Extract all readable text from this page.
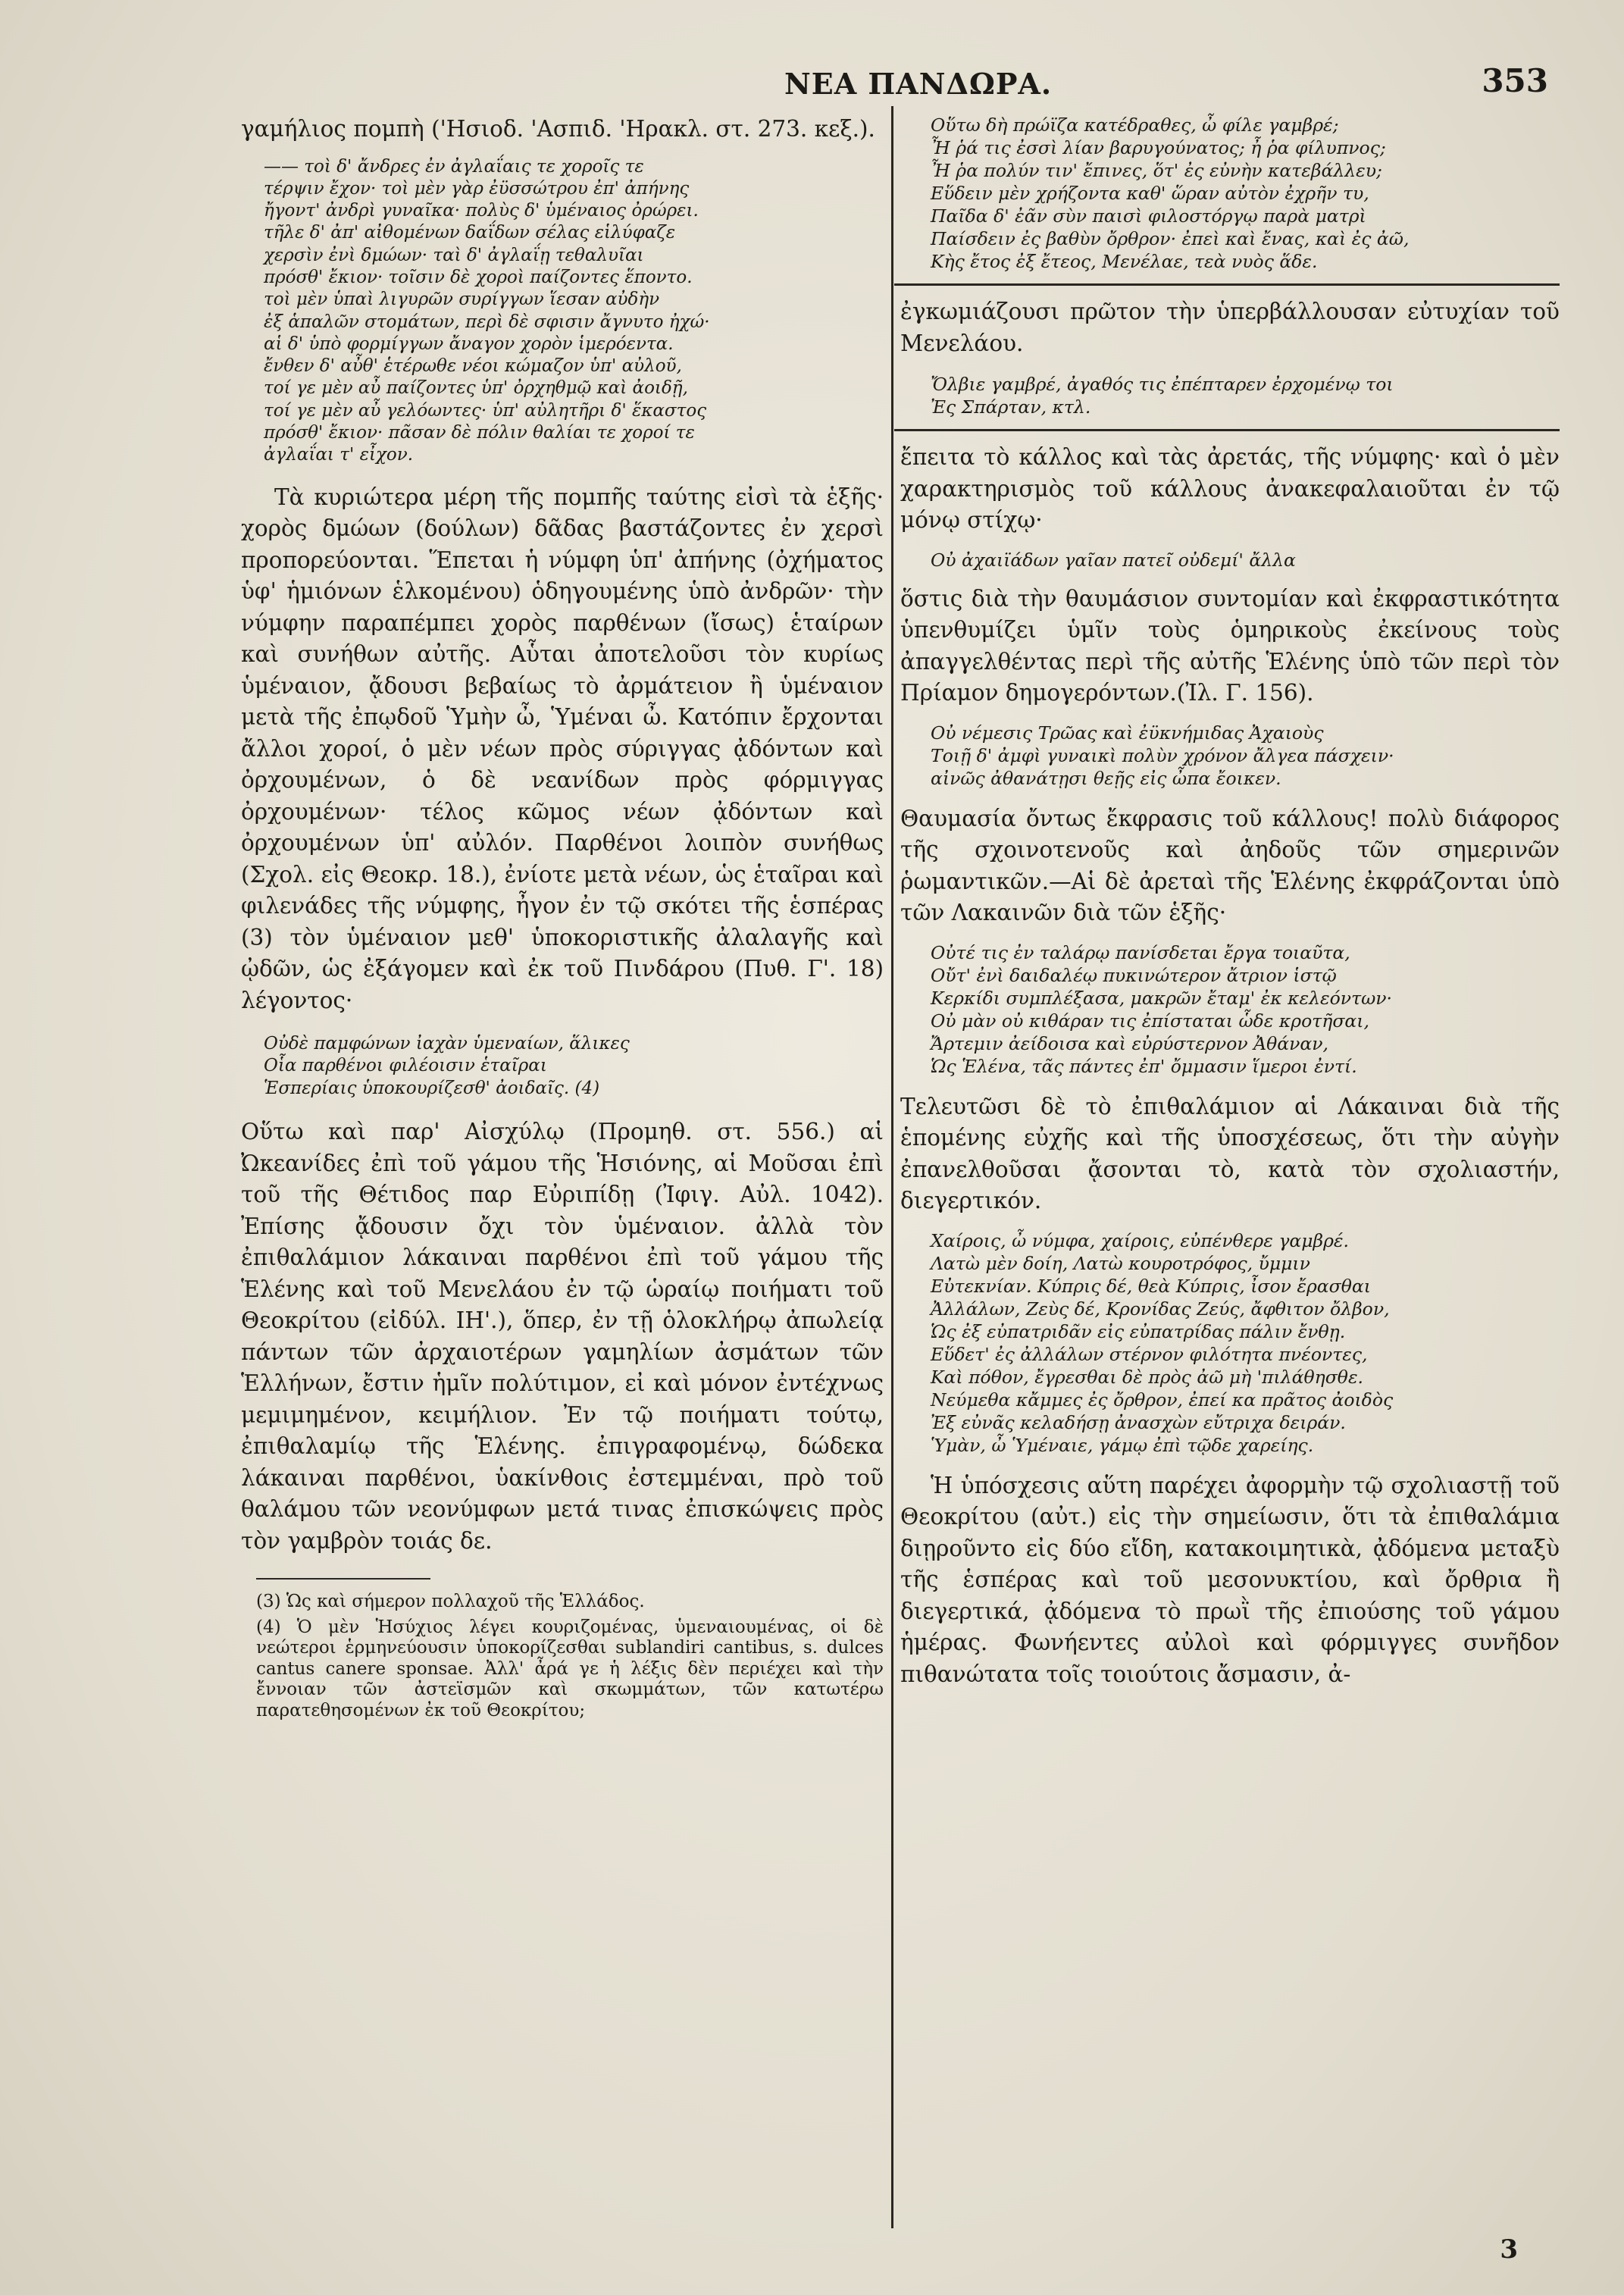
ΝΕΑ ΠΑΝΔΩΡΑ.	353

γαμήλιος πομπὴ ('Ησιοδ. 'Ασπιδ. 'Ηρακλ. στ. 273. κεξ.).

—— τοὶ δ' ἄνδρες ἐν ἀγλαΐαις τε χοροῖς τε
τέρψιν ἔχον· τοὶ μὲν γὰρ ἐϋσσώτρου ἐπ' ἀπήνης
ἤγοντ' ἀνδρὶ γυναῖκα· πολὺς δ' ὑμέναιος ὀρώρει.
τῆλε δ' ἀπ' αἰθομένων δαΐδων σέλας εἱλύφαζε
χερσὶν ἐνὶ δμώων· ταὶ δ' ἀγλαΐῃ τεθαλυῖαι
πρόσθ' ἔκιον· τοῖσιν δὲ χοροὶ παίζοντες ἕποντο.
τοὶ μὲν ὑπαὶ λιγυρῶν συρίγγων ἵεσαν αὐδὴν
ἐξ ἁπαλῶν στομάτων, περὶ δὲ σφισιν ἄγνυτο ἠχώ·
αἱ δ' ὑπὸ φορμίγγων ἄναγον χορὸν ἱμερόεντα.
ἔνθεν δ' αὖθ' ἑτέρωθε νέοι κώμαζον ὑπ' αὐλοῦ,
τοί γε μὲν αὖ παίζοντες ὑπ' ὀρχηθμῷ καὶ ἀοιδῇ,
τοί γε μὲν αὖ γελόωντες· ὑπ' αὐλητῆρι δ' ἕκαστος
πρόσθ' ἔκιον· πᾶσαν δὲ πόλιν θαλίαι τε χοροί τε
ἀγλαΐαι τ' εἶχον.

Τὰ κυριώτερα μέρη τῆς πομπῆς ταύτης εἰσὶ τὰ ἑξῆς· χορὸς δμώων (δούλων) δᾶδας βαστάζοντες ἐν χερσὶ προπορεύονται. Ἕπεται ἡ νύμφη ὑπ' ἀπήνης (ὀχήματος ὑφ' ἡμιόνων ἑλκομένου) ὁδηγουμένης ὑπὸ ἀνδρῶν· τὴν νύμφην παραπέμπει χορὸς παρθένων (ἴσως) ἑταίρων καὶ συνήθων αὐτῆς. Αὗται ἀποτελοῦσι τὸν κυρίως ὑμέναιον, ᾄδουσι βεβαίως τὸ ἀρμάτειον ἢ ὑμέναιον μετὰ τῆς ἐπῳδοῦ Ὑμὴν ὦ, Ὑμέναι ὦ. Κατόπιν ἔρχονται ἄλλοι χοροί, ὁ μὲν νέων πρὸς σύριγγας ᾀδόντων καὶ ὀρχουμένων, ὁ δὲ νεανίδων πρὸς φόρμιγγας ὀρχουμένων· τέλος κῶμος νέων ᾀδόντων καὶ ὀρχουμένων ὑπ' αὐλόν. Παρθένοι λοιπὸν συνήθως (Σχολ. εἰς Θεοκρ. 18.), ἐνίοτε μετὰ νέων, ὡς ἑταῖραι καὶ φιλενάδες τῆς νύμφης, ἦγον ἐν τῷ σκότει τῆς ἑσπέρας (3) τὸν ὑμέναιον μεθ' ὑποκοριστικῆς ἀλαλαγῆς καὶ ᾠδῶν, ὡς ἐξάγομεν καὶ ἐκ τοῦ Πινδάρου (Πυθ. Γ'. 18) λέγοντος·

Οὐδὲ παμφώνων ἰαχὰν ὑμεναίων, ἅλικες
Οἷα παρθένοι φιλέοισιν ἑταῖραι
Ἑσπερίαις ὑποκουρίζεσθ' ἀοιδαῖς. (4)

Οὕτω καὶ παρ' Αἰσχύλῳ (Προμηθ. στ. 556.) αἱ Ὠκεανίδες ἐπὶ τοῦ γάμου τῆς Ἡσιόνης, αἱ Μοῦσαι ἐπὶ τοῦ τῆς Θέτιδος παρ Εὐριπίδῃ (Ἰφιγ. Αὐλ. 1042). Ἐπίσης ᾄδουσιν ὄχι τὸν ὑμέναιον. ἀλλὰ τὸν ἐπιθαλάμιον λάκαιναι παρθένοι ἐπὶ τοῦ γάμου τῆς Ἑλένης καὶ τοῦ Μενελάου ἐν τῷ ὡραίῳ ποιήματι τοῦ Θεοκρίτου (εἰδύλ. ΙΗ'.), ὅπερ, ἐν τῇ ὁλοκλήρῳ ἀπωλείᾳ πάντων τῶν ἀρχαιοτέρων γαμηλίων ἀσμάτων τῶν Ἑλλήνων, ἔστιν ἡμῖν πολύτιμον, εἰ καὶ μόνον ἐντέχνως μεμιμημένον, κειμήλιον. Ἐν τῷ ποιήματι τούτῳ, ἐπιθαλαμίῳ τῆς Ἑλένης. ἐπιγραφομένῳ, δώδεκα λάκαιναι παρθένοι, ὑακίνθοις ἐστεμμέναι, πρὸ τοῦ θαλάμου τῶν νεονύμφων μετά τινας ἐπισκώψεις πρὸς τὸν γαμβρὸν τοιάς δε.

(3) Ὡς καὶ σήμερον πολλαχοῦ τῆς Ἑλλάδος.

(4) Ὁ μὲν Ἡσύχιος λέγει κουριζομένας, ὑμεναιουμένας, οἱ δὲ νεώτεροι ἑρμηνεύουσιν ὑποκορίζεσθαι sublandiri cantibus, s. dulces cantus canere sponsae. Ἀλλ' ἆρά γε ἡ λέξις δὲν περιέχει καὶ τὴν ἔννοιαν τῶν ἀστεϊσμῶν καὶ σκωμμάτων, τῶν κατωτέρω παρατεθησομένων ἐκ τοῦ Θεοκρίτου;

Οὕτω δὴ πρώϊζα κατέδραθες, ὦ φίλε γαμβρέ;
Ἦ ῥά τις ἐσσὶ λίαν βαρυγούνατος; ἦ ῥα φίλυπνος;
Ἦ ῥα πολύν τιν' ἔπινες, ὅτ' ἐς εὐνὴν κατεβάλλευ;
Εὕδειν μὲν χρήζοντα καθ' ὥραν αὐτὸν ἐχρῆν τυ,
Παῖδα δ' ἐᾶν σὺν παισὶ φιλοστόργῳ παρὰ ματρὶ
Παίσδειν ἐς βαθὺν ὄρθρον· ἐπεὶ καὶ ἔνας, καὶ ἐς ἀῶ,
Κὴς ἔτος ἐξ ἔτεος, Μενέλαε, τεὰ νυὸς ἅδε.

ἐγκωμιάζουσι πρῶτον τὴν ὑπερβάλλουσαν εὐτυχίαν τοῦ Μενελάου.

Ὄλβιε γαμβρέ, ἀγαθός τις ἐπέπταρεν ἐρχομένῳ τοι
Ἐς Σπάρταν, κτλ.

ἔπειτα τὸ κάλλος καὶ τὰς ἀρετάς, τῆς νύμφης· καὶ ὁ μὲν χαρακτηρισμὸς τοῦ κάλλους ἀνακεφαλαιοῦται ἐν τῷ μόνῳ στίχῳ·

Οὐ ἀχαιϊάδων γαῖαν πατεῖ οὐδεμί' ἄλλα

ὅστις διὰ τὴν θαυμάσιον συντομίαν καὶ ἐκφραστικότητα ὑπενθυμίζει ὑμῖν τοὺς ὁμηρικοὺς ἐκείνους τοὺς ἀπαγγελθέντας περὶ τῆς αὐτῆς Ἑλένης ὑπὸ τῶν περὶ τὸν Πρίαμον δημογερόντων.(Ἰλ. Γ. 156).

Οὐ νέμεσις Τρῶας καὶ ἐϋκνήμιδας Ἀχαιοὺς
Τοιῇ δ' ἀμφὶ γυναικὶ πολὺν χρόνον ἄλγεα πάσχειν·
αἰνῶς ἀθανάτῃσι θεῇς εἰς ὦπα ἔοικεν.

Θαυμασία ὄντως ἔκφρασις τοῦ κάλλους! πολὺ διάφορος τῆς σχοινοτενοῦς καὶ ἀηδοῦς τῶν σημερινῶν ῥωμαντικῶν.—Αἱ δὲ ἀρεταὶ τῆς Ἑλένης ἐκφράζονται ὑπὸ τῶν Λακαινῶν διὰ τῶν ἑξῆς·

Οὐτέ τις ἐν ταλάρῳ πανίσδεται ἔργα τοιαῦτα,
Οὔτ' ἐνὶ δαιδαλέῳ πυκινώτερον ἄτριον ἱστῷ
Κερκίδι συμπλέξασα, μακρῶν ἔταμ' ἐκ κελεόντων·
Οὐ μὰν οὐ κιθάραν τις ἐπίσταται ὧδε κροτῆσαι,
Ἄρτεμιν ἀείδοισα καὶ εὐρύστερνον Ἀθάναν,
Ὡς Ἑλένα, τᾶς πάντες ἐπ' ὄμμασιν ἵμεροι ἐντί.

Τελευτῶσι δὲ τὸ ἐπιθαλάμιον αἱ Λάκαιναι διὰ τῆς ἑπομένης εὐχῆς καὶ τῆς ὑποσχέσεως, ὅτι τὴν αὐγὴν ἐπανελθοῦσαι ᾄσονται τὸ, κατὰ τὸν σχολιαστήν, διεγερτικόν.

Χαίροις, ὦ νύμφα, χαίροις, εὐπένθερε γαμβρέ.
Λατὼ μὲν δοίη, Λατὼ κουροτρόφος, ὔμμιν
Εὐτεκνίαν. Κύπρις δέ, θεὰ Κύπρις, ἶσον ἔρασθαι
Ἀλλάλων, Ζεὺς δέ, Κρονίδας Ζεύς, ἄφθιτον ὄλβον,
Ὡς ἐξ εὐπατριδᾶν εἰς εὐπατρίδας πάλιν ἔνθῃ.
Εὕδετ' ἐς ἀλλάλων στέρνον φιλότητα πνέοντες,
Καὶ πόθον, ἔγρεσθαι δὲ πρὸς ἀῶ μὴ 'πιλάθησθε.
Νεύμεθα κἄμμες ἐς ὄρθρον, ἐπεί κα πρᾶτος ἀοιδὸς
Ἐξ εὐνᾶς κελαδήσῃ ἀνασχὼν εὔτριχα δειράν.
Ὑμὰν, ὦ Ὑμέναιε, γάμῳ ἐπὶ τῷδε χαρείης.

Ἡ ὑπόσχεσις αὕτη παρέχει ἀφορμὴν τῷ σχολιαστῇ τοῦ Θεοκρίτου (αὐτ.) εἰς τὴν σημείωσιν, ὅτι τὰ ἐπιθαλάμια διῃροῦντο εἰς δύο εἴδη, κατακοιμητικὰ, ᾀδόμενα μεταξὺ τῆς ἑσπέρας καὶ τοῦ μεσονυκτίου, καὶ ὄρθρια ἢ διεγερτικά, ᾀδόμενα τὸ πρωῒ τῆς ἐπιούσης τοῦ γάμου ἡμέρας. Φωνήεντες αὐλοὶ καὶ φόρμιγγες συνῆδον πιθανώτατα τοῖς τοιούτοις ἄσμασιν, ἀ-

3
